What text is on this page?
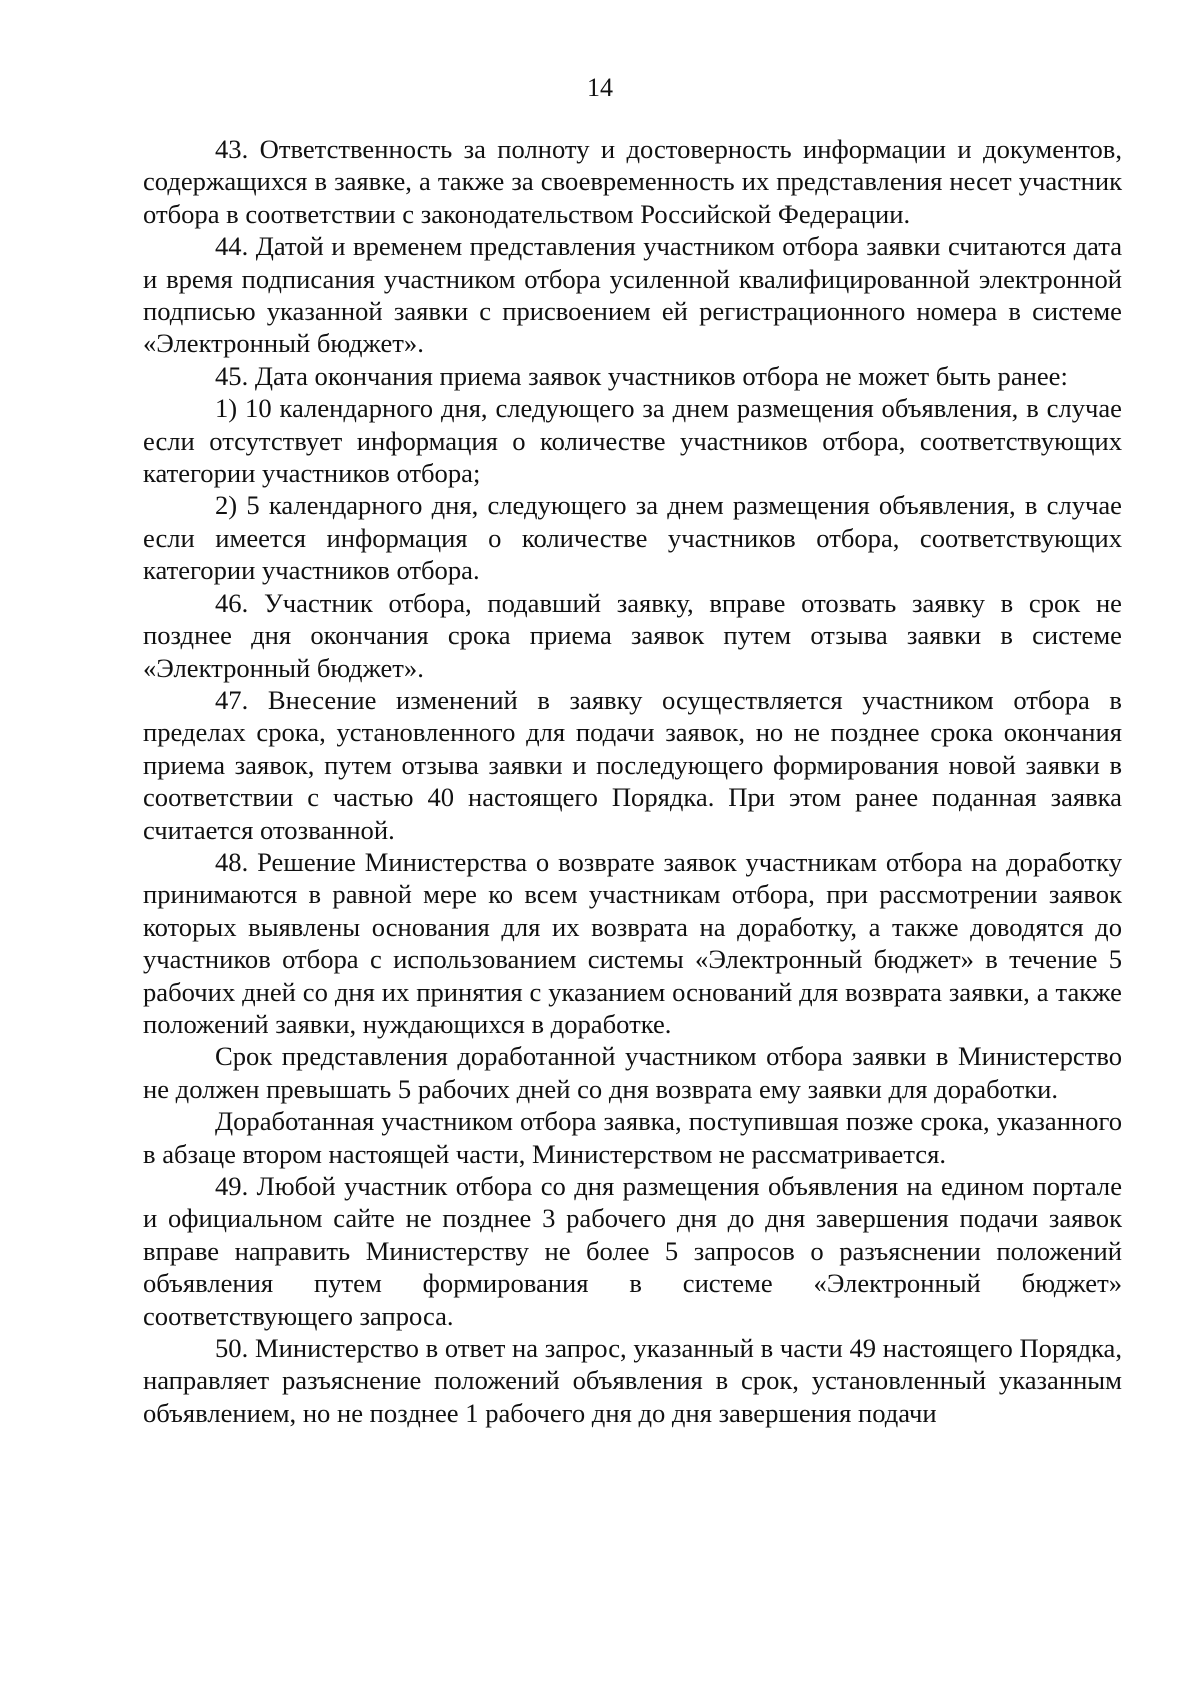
14

43. Ответственность за полноту и достоверность информации и документов, содержащихся в заявке, а также за своевременность их представления несет участник отбора в соответствии с законодательством Российской Федерации.

44. Датой и временем представления участником отбора заявки считаются дата и время подписания участником отбора усиленной квалифицированной электронной подписью указанной заявки с присвоением ей регистрационного номера в системе «Электронный бюджет».

45. Дата окончания приема заявок участников отбора не может быть ранее:

1) 10 календарного дня, следующего за днем размещения объявления, в случае если отсутствует информация о количестве участников отбора, соответствующих категории участников отбора;

2) 5 календарного дня, следующего за днем размещения объявления, в случае если имеется информация о количестве участников отбора, соответствующих категории участников отбора.

46. Участник отбора, подавший заявку, вправе отозвать заявку в срок не позднее дня окончания срока приема заявок путем отзыва заявки в системе «Электронный бюджет».

47. Внесение изменений в заявку осуществляется участником отбора в пределах срока, установленного для подачи заявок, но не позднее срока окончания приема заявок, путем отзыва заявки и последующего формирования новой заявки в соответствии с частью 40 настоящего Порядка. При этом ранее поданная заявка считается отозванной.

48. Решение Министерства о возврате заявок участникам отбора на доработку принимаются в равной мере ко всем участникам отбора, при рассмотрении заявок которых выявлены основания для их возврата на доработку, а также доводятся до участников отбора с использованием системы «Электронный бюджет» в течение 5 рабочих дней со дня их принятия с указанием оснований для возврата заявки, а также положений заявки, нуждающихся в доработке.

Срок представления доработанной участником отбора заявки в Министерство не должен превышать 5 рабочих дней со дня возврата ему заявки для доработки.

Доработанная участником отбора заявка, поступившая позже срока, указанного в абзаце втором настоящей части, Министерством не рассматривается.

49. Любой участник отбора со дня размещения объявления на едином портале и официальном сайте не позднее 3 рабочего дня до дня завершения подачи заявок вправе направить Министерству не более 5 запросов о разъяснении положений объявления путем формирования в системе «Электронный бюджет» соответствующего запроса.

50. Министерство в ответ на запрос, указанный в части 49 настоящего Порядка, направляет разъяснение положений объявления в срок, установленный указанным объявлением, но не позднее 1 рабочего дня до дня завершения подачи
